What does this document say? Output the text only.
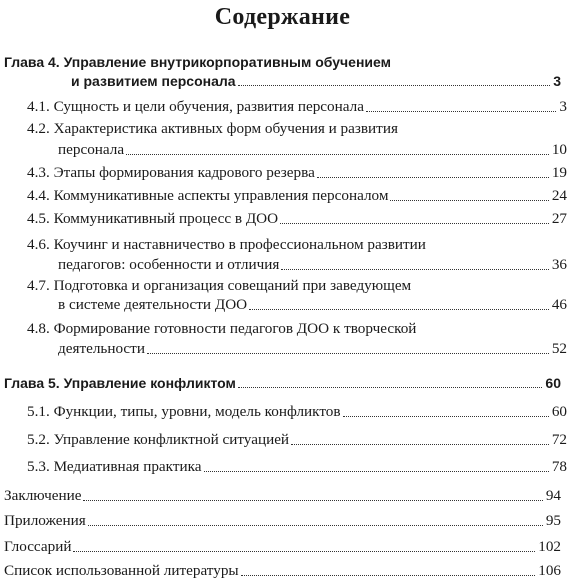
Содержание
Глава 4. Управление внутрикорпоративным обучением
и развитием персонала	3
4.1. Сущность и цели обучения, развития персонала	3
4.2. Характеристика активных форм обучения и развития
персонала	10
4.3. Этапы формирования кадрового резерва	19
4.4. Коммуникативные аспекты управления персоналом	24
4.5. Коммуникативный процесс в ДОО	27
4.6. Коучинг и наставничество в профессиональном развитии
педагогов: особенности и отличия	36
4.7. Подготовка и организация совещаний при заведующем
в системе деятельности ДОО	46
4.8. Формирование готовности педагогов ДОО к творческой
деятельности	52
Глава 5. Управление конфликтом	60
5.1. Функции, типы, уровни, модель конфликтов	60
5.2. Управление конфликтной ситуацией	72
5.3. Медиативная практика	78
Заключение	94
Приложения	95
Глоссарий	102
Список использованной литературы	106
